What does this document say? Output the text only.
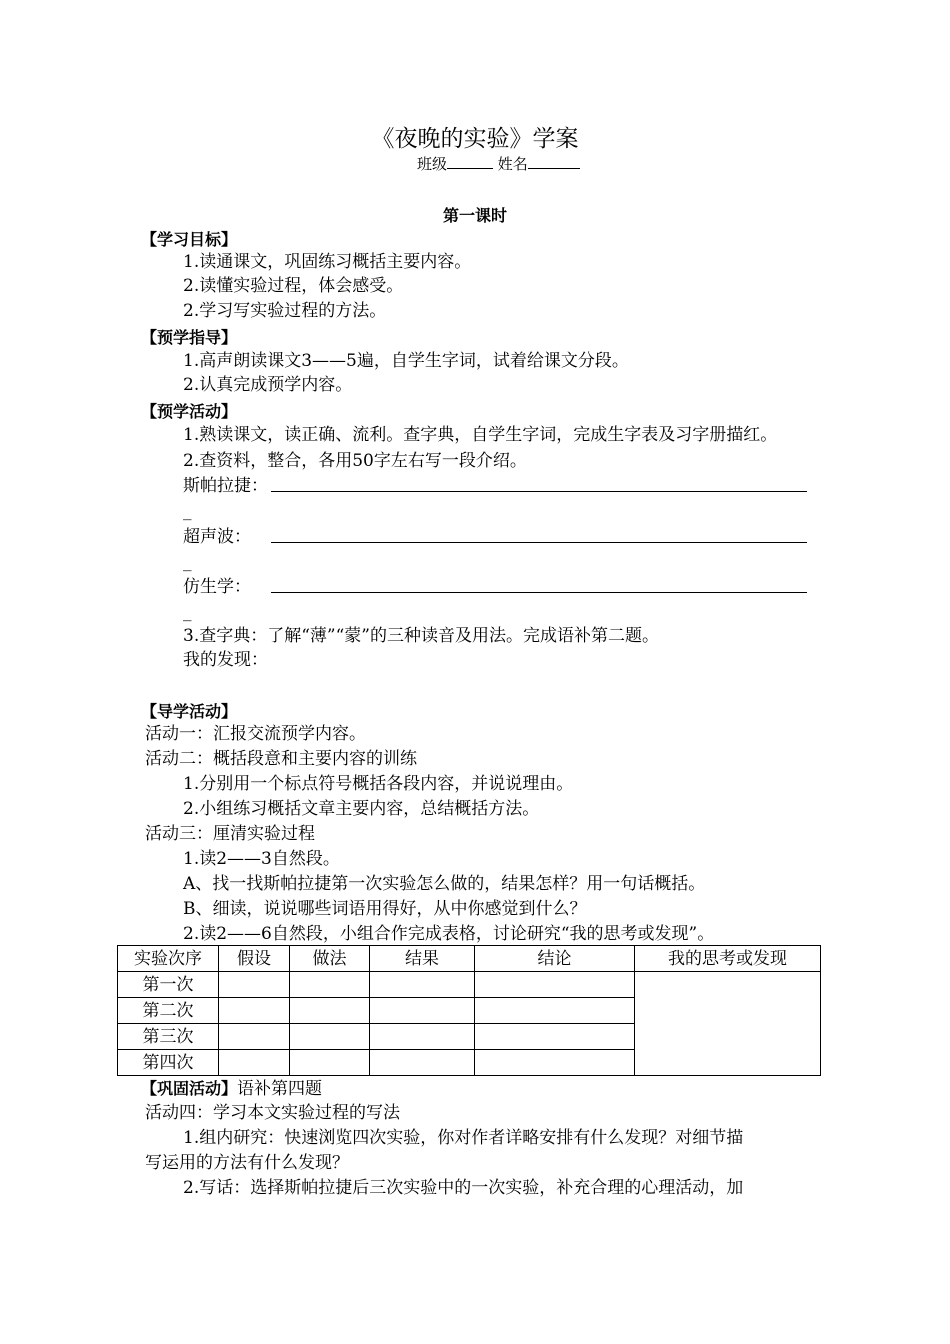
《夜晚的实验》学案
班级	姓名
第一课时
【学习目标】
1.读通课文，巩固练习概括主要内容。
2.读懂实验过程，体会感受。
2.学习写实验过程的方法。
【预学指导】
1.高声朗读课文3——5遍，自学生字词，试着给课文分段。
2.认真完成预学内容。
【预学活动】
1.熟读课文，读正确、流利。查字典，自学生字词，完成生字表及习字册描红。
2.查资料，整合，各用50字左右写一段介绍。
斯帕拉捷：
_
超声波：
_
仿生学：
_
3.查字典：了解“薄”“蒙”的三种读音及用法。完成语补第二题。
我的发现：
【导学活动】
活动一：汇报交流预学内容。
活动二：概括段意和主要内容的训练
1.分别用一个标点符号概括各段内容，并说说理由。
2.小组练习概括文章主要内容，总结概括方法。
活动三：厘清实验过程
1.读2——3自然段。
A、找一找斯帕拉捷第一次实验怎么做的，结果怎样？用一句话概括。
B、细读，说说哪些词语用得好，从中你感觉到什么？
2.读2——6自然段，小组合作完成表格，讨论研究“我的思考或发现”。
实验次序	假设	做法	结果	结论	我的思考或发现
第一次					
第二次					
第三次					
第四次					
【巩固活动】语补第四题
活动四：学习本文实验过程的写法
1.组内研究：快速浏览四次实验，你对作者详略安排有什么发现？对细节描
写运用的方法有什么发现？
2.写话：选择斯帕拉捷后三次实验中的一次实验，补充合理的心理活动，加
